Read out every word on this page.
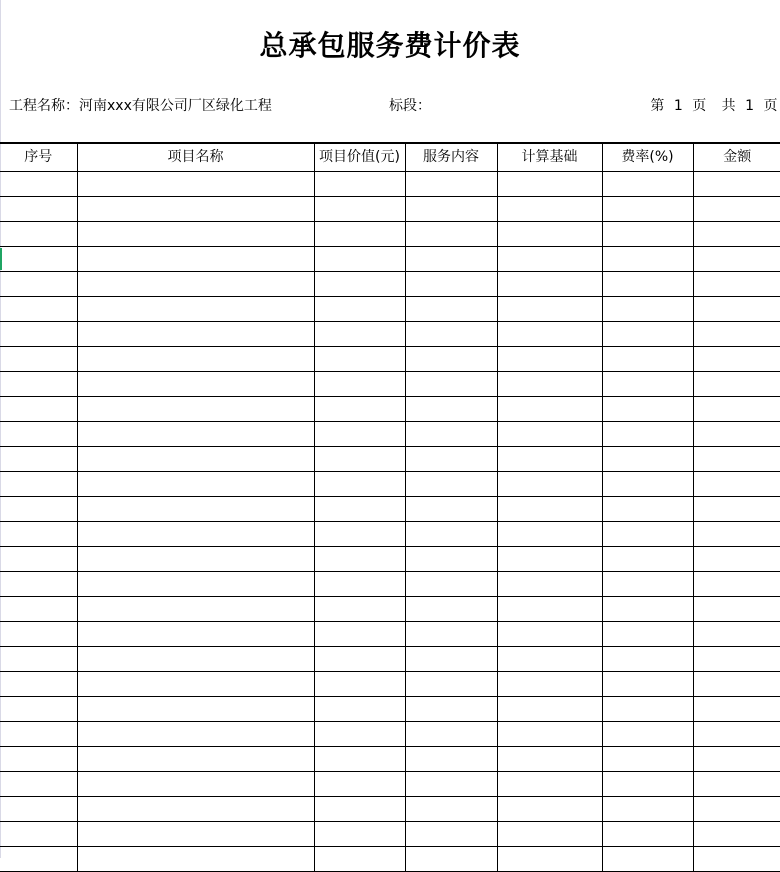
总承包服务费计价表
工程名称：河南xxx有限公司厂区绿化工程	标段：	第 1 页 共 1 页
序号	项目名称	项目价值(元)	服务内容	计算基础	费率(%)	金额
